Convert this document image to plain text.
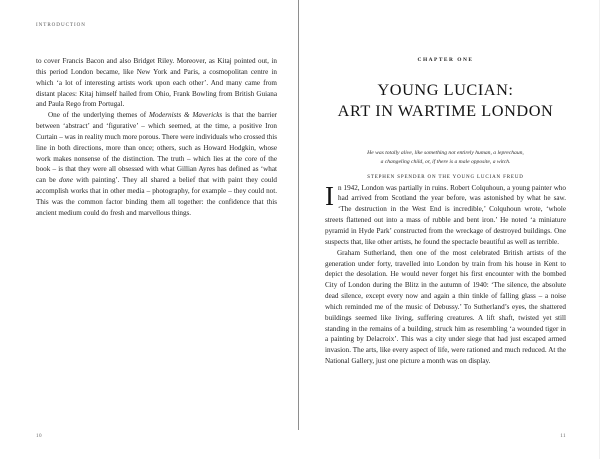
INTRODUCTION

to cover Francis Bacon and also Bridget Riley. Moreover, as Kitaj pointed out, in this period London became, like New York and Paris, a cosmopolitan centre in which ‘a lot of interesting artists work upon each other’. And many came from distant places: Kitaj himself hailed from Ohio, Frank Bowling from British Guiana and Paula Rego from Portugal.

One of the underlying themes of Modernists & Mavericks is that the barrier between ‘abstract’ and ‘figurative’ – which seemed, at the time, a positive Iron Curtain – was in reality much more porous. There were individuals who crossed this line in both directions, more than once; others, such as Howard Hodgkin, whose work makes nonsense of the distinction. The truth – which lies at the core of the book – is that they were all obsessed with what Gillian Ayres has defined as ‘what can be done with painting’. They all shared a belief that with paint they could accomplish works that in other media – photography, for example – they could not. This was the common factor binding them all together: the confidence that this ancient medium could do fresh and marvellous things.

10
CHAPTER ONE
YOUNG LUCIAN:
ART IN WARTIME LONDON
He was totally alive, like something not entirely human, a leprechaun,
a changeling child, or, if there is a male opposite, a witch.
STEPHEN SPENDER ON THE YOUNG LUCIAN FREUD

In 1942, London was partially in ruins. Robert Colquhoun, a young painter who had arrived from Scotland the year before, was astonished by what he saw. ‘The destruction in the West End is incredible,’ Colquhoun wrote, ‘whole streets flattened out into a mass of rubble and bent iron.’ He noted ‘a miniature pyramid in Hyde Park’ constructed from the wreckage of destroyed buildings. One suspects that, like other artists, he found the spectacle beautiful as well as terrible.

Graham Sutherland, then one of the most celebrated British artists of the generation under forty, travelled into London by train from his house in Kent to depict the desolation. He would never forget his first encounter with the bombed City of London during the Blitz in the autumn of 1940: ‘The silence, the absolute dead silence, except every now and again a thin tinkle of falling glass – a noise which reminded me of the music of Debussy.’ To Sutherland’s eyes, the shattered buildings seemed like living, suffering creatures. A lift shaft, twisted yet still standing in the remains of a building, struck him as resembling ‘a wounded tiger in a painting by Delacroix’. This was a city under siege that had just escaped armed invasion. The arts, like every aspect of life, were rationed and much reduced. At the National Gallery, just one picture a month was on display.

11
